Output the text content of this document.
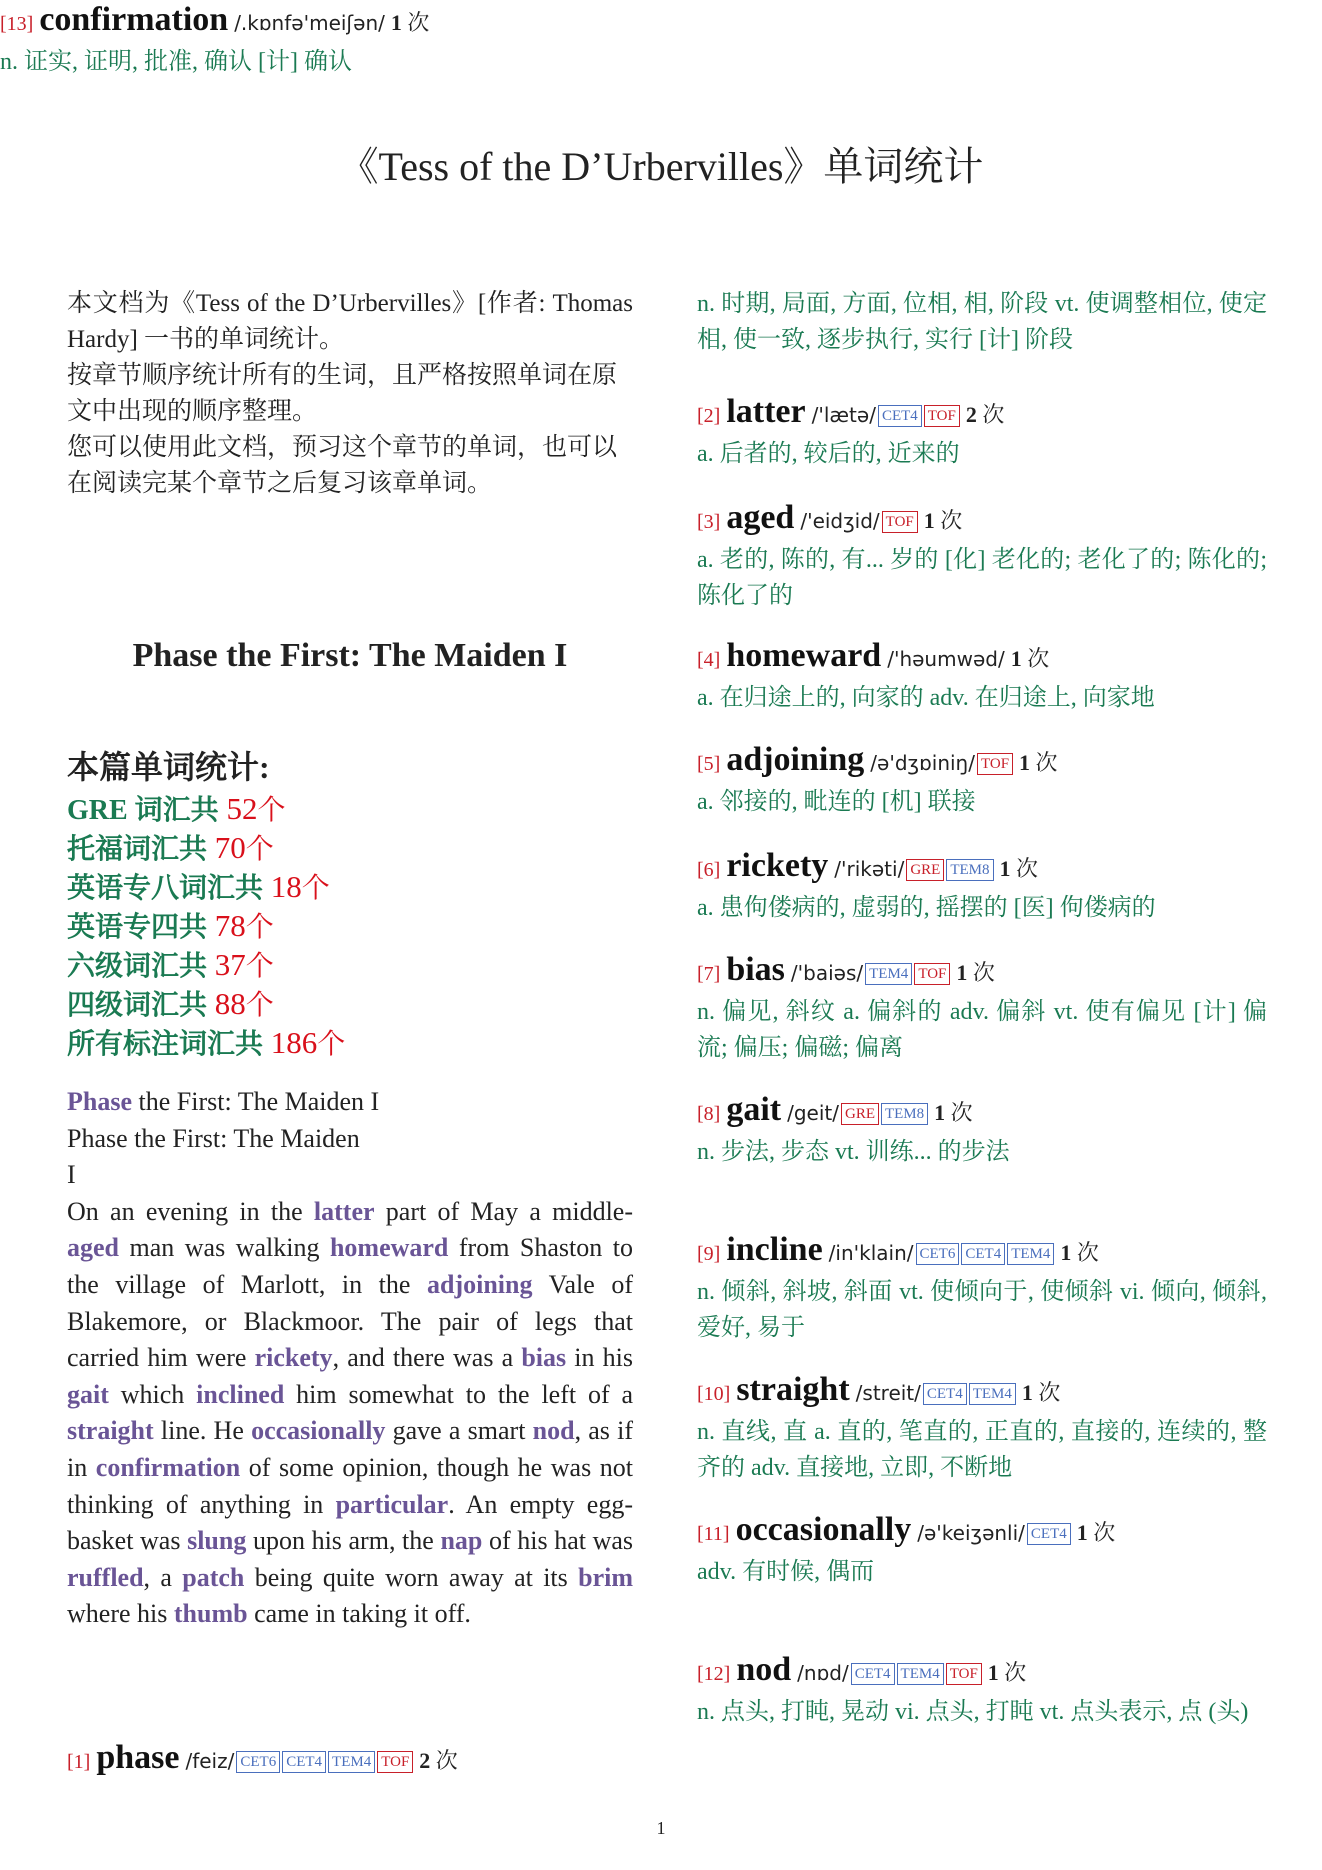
《Tess of the D’Urbervilles》单词统计

本文档为《Tess of the D’Urbervilles》[作者: Thomas Hardy] 一书的单词统计。

按章节顺序统计所有的生词，且严格按照单词在原文中出现的顺序整理。

您可以使用此文档，预习这个章节的单词，也可以在阅读完某个章节之后复习该章单词。

Phase the First: The Maiden I
本篇单词统计:
GRE 词汇共 52个
托福词汇共 70个
英语专八词汇共 18个
英语专四共 78个
六级词汇共 37个
四级词汇共 88个
所有标注词汇共 186个
Phase the First: The Maiden I
Phase the First: The Maiden
I
On an evening in the latter part of May a middle-aged man was walking homeward from Shaston to the village of Marlott, in the adjoining Vale of Blakemore, or Blackmoor. The pair of legs that carried him were rickety, and there was a bias in his gait which inclined him somewhat to the left of a straight line. He occasionally gave a smart nod, as if in confirmation of some opinion, though he was not thinking of anything in particular. An empty egg-basket was slung upon his arm, the nap of his hat was ruffled, a patch being quite worn away at its brim where his thumb came in taking it off.
[1] phase /feiz/ CET6 CET4 TEM4 TOF 2 次
n. 时期, 局面, 方面, 位相, 相, 阶段 vt. 使调整相位, 使定相, 使一致, 逐步执行, 实行 [计] 阶段
[2] latter /'lætə/ CET4 TOF 2 次
a. 后者的, 较后的, 近来的
[3] aged /'eidʒid/ TOF 1 次
a. 老的, 陈的, 有... 岁的 [化] 老化的; 老化了的; 陈化的; 陈化了的
[4] homeward /'həumwəd/ 1 次
a. 在归途上的, 向家的 adv. 在归途上, 向家地
[5] adjoining /ə'dʒɒiniŋ/ TOF 1 次
a. 邻接的, 毗连的 [机] 联接
[6] rickety /'rikəti/ GRE TEM8 1 次
a. 患佝偻病的, 虚弱的, 摇摆的 [医] 佝偻病的
[7] bias /'baiəs/ TEM4 TOF 1 次
n. 偏见, 斜纹 a. 偏斜的 adv. 偏斜 vt. 使有偏见 [计] 偏流; 偏压; 偏磁; 偏离
[8] gait /geit/ GRE TEM8 1 次
n. 步法, 步态 vt. 训练... 的步法
[9] incline /in'klain/ CET6 CET4 TEM4 1 次
n. 倾斜, 斜坡, 斜面 vt. 使倾向于, 使倾斜 vi. 倾向, 倾斜, 爱好, 易于
[10] straight /streit/ CET4 TEM4 1 次
n. 直线, 直 a. 直的, 笔直的, 正直的, 直接的, 连续的, 整齐的 adv. 直接地, 立即, 不断地
[11] occasionally /ə'keiʒənli/ CET4 1 次
adv. 有时候, 偶而
[12] nod /nɒd/ CET4 TEM4 TOF 1 次
n. 点头, 打盹, 晃动 vi. 点头, 打盹 vt. 点头表示, 点 (头)
[13] confirmation /.kɒnfə'meiʃən/ 1 次
n. 证实, 证明, 批准, 确认 [计] 确认
1
